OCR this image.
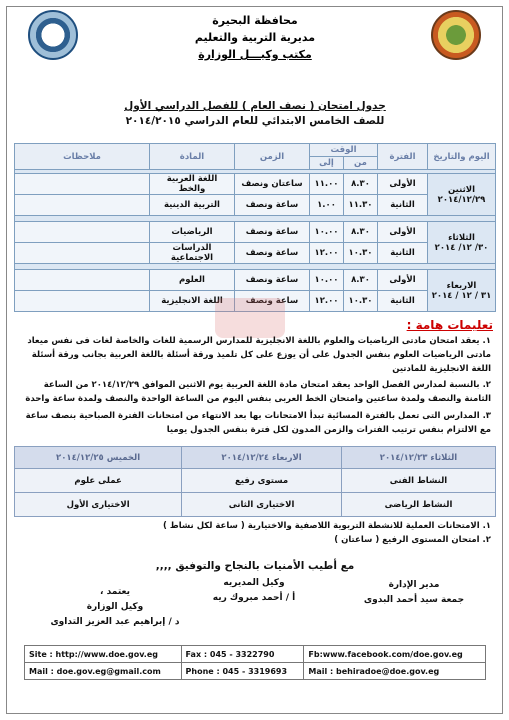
محافظة البحيرة
مديرية التربية والتعليم
مكتب وكيـــل الوزارة
جدول امتحان ( نصف العام ) للفصل الدراسي الأول
للصف الخامس الابتدائي للعام الدراسي ٢٠١٤/٢٠١٥
اليوم والتاريخ	الفترة	الوقت		الزمن	المادة	ملاحظات
		من	إلى			

الاثنين
٢٠١٤/١٢/٢٩	الأولى	٨.٣٠	١١.٠٠	ساعتان ونصف	اللغة العربية والخط	
	الثانية	١١.٣٠	١.٠٠	ساعة ونصف	التربية الدينية	

الثلاثاء
٣٠/ ١٢/ ٢٠١٤	الأولى	٨.٣٠	١٠.٠٠	ساعة ونصف	الرياضيات	
	الثانية	١٠.٣٠	١٢.٠٠	ساعة ونصف	الدراسات الاجتماعية	

الاربعاء
٣١ / ١٢ / ٢٠١٤	الأولى	٨.٣٠	١٠.٠٠	ساعة ونصف	العلوم	
	الثانية	١٠.٣٠	١٢.٠٠	ساعة ونصف	اللغة الانجليزية	
تعليمات هامة :
١. يعقد امتحان مادتى الرياضيات والعلوم باللغة الانجليزية للمدارس الرسمية للغات والخاصة لغات فى نفس ميعاد مادتى الرياضيات العلوم بنفس الجدول على أن يوزع على كل تلميذ ورقة أسئلة باللغة العربية بجانب ورقة أسئلة اللغة الانجليزية للمادتين
٢. بالنسبة لمدارس الفصل الواحد يعقد امتحان مادة اللغة العربية يوم الاثنين الموافق ٢٠١٤/١٢/٢٩ من الساعة الثامنة والنصف ولمدة ساعتين وامتحان الخط العربى بنفس اليوم من الساعة الواحدة والنصف ولمدة ساعة واحدة
٣. المدارس التى تعمل بالفترة المسائية تبدأ الامتحانات بها بعد الانتهاء من امتحانات الفترة الصباحية بنصف ساعة مع الالتزام بنفس ترتيب الفترات والزمن المدون لكل فترة بنفس الجدول يوميا
الثلاثاء ٢٠١٤/١٢/٢٣	الاربعاء ٢٠١٤/١٢/٢٤	الخميس ٢٠١٤/١٢/٢٥
النشاط الفنى	مستوى رفيع	عملى علوم
النشاط الرياضى	الاختيارى الثانى	الاختيارى الأول
١. الامتحانات العملية للانشطة التربوية اللاصفية والاختيارية ( ساعة لكل نشاط )
٢. امتحان المستوى الرفيع ( ساعتان )
مع أطيب الأمنيات بالنجاح والتوفيق ,,,,
مدير الإدارة
جمعة سيد أحمد البدوى
وكيل المديريه
أ / أحمد مبروك ريه
يعتمد ،
وكيل الوزارة
د / إبراهيم عبد العزيز التداوى
Site : http://www.doe.gov.eg	Fax : 045 - 3322790	Fb:www.facebook.com/doe.gov.eg
Mail : doe.gov.eg@gmail.com	Phone : 045 - 3319693	Mail : behiradoe@doe.gov.eg
